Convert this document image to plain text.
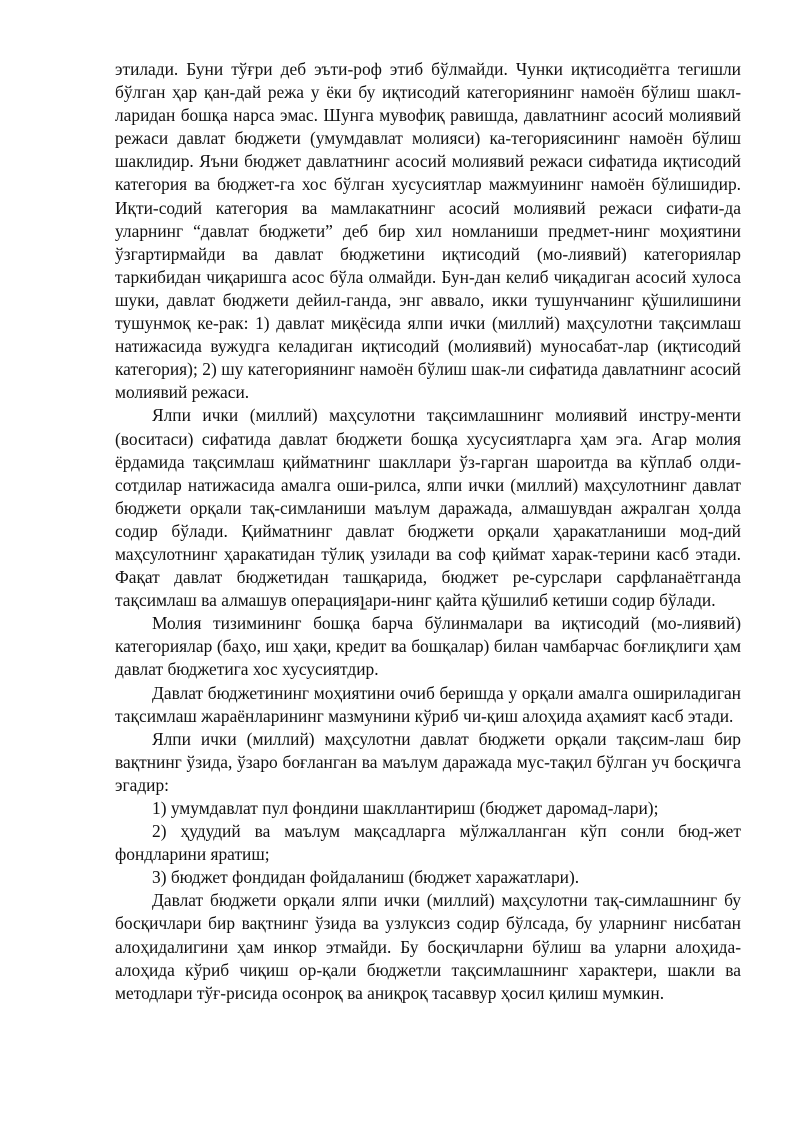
этилади. Буни тўғри деб эъти-роф этиб бўлмайди. Чунки иқтисодиётга тегишли бўлган ҳар қан-дай режа у ёки бу иқтисодий категориянинг намоён бўлиш шакл-ларидан бошқа нарса эмас. Шунга мувофиқ равишда, давлатнинг асосий молиявий режаси давлат бюджети (умумдавлат молияси) ка-тегориясининг намоён бўлиш шаклидир. Яъни бюджет давлатнинг асосий молиявий режаси сифатида иқтисодий категория ва бюджет-га хос бўлган хусусиятлар мажмуининг намоён бўлишидир. Иқти-содий категория ва мамлакатнинг асосий молиявий режаси сифати-да уларнинг “давлат бюджети” деб бир хил номланиши предмет-нинг моҳиятини ўзгартирмайди ва давлат бюджетини иқтисодий (мо-лиявий) категориялар таркибидан чиқаришга асос бўла олмайди. Бун-дан келиб чиқадиган асосий хулоса шуки, давлат бюджети дейил-ганда, энг аввало, икки тушунчанинг қўшилишини тушунмоқ ке-рак: 1) давлат миқёсида ялпи ички (миллий) маҳсулотни тақсимлаш натижасида вужудга келадиган иқтисодий (молиявий) муносабат-лар (иқтисодий категория); 2) шу категориянинг намоён бўлиш шак-ли сифатида давлатнинг асосий молиявий режаси.

Ялпи ички (миллий) маҳсулотни тақсимлашнинг молиявий инстру-менти (воситаси) сифатида давлат бюджети бошқа хусусиятларга ҳам эга. Агар молия ёрдамида тақсимлаш қийматнинг шакллари ўз-гарган шароитда ва кўплаб олди-сотдилар натижасида амалга оши-рилса, ялпи ички (миллий) маҳсулотнинг давлат бюджети орқали тақ-симланиши маълум даражада, алмашувдан ажралган ҳолда содир бўлади. Қийматнинг давлат бюджети орқали ҳаракатланиши мод-дий маҳсулотнинг ҳаракатидан тўлиқ узилади ва соф қиймат харак-терини касб этади. Фақат давлат бюджетидан ташқарида, бюджет ре-сурслари сарфланаётганда тақсимлаш ва алмашув операцияլари-нинг қайта қўшилиб кетиши содир бўлади.

Молия тизимининг бошқа барча бўлинмалари ва иқтисодий (мо-лиявий) категориялар (баҳо, иш ҳақи, кредит ва бошқалар) билан чамбарчас боғлиқлиги ҳам давлат бюджетига хос хусусиятдир.

Давлат бюджетининг моҳиятини очиб беришда у орқали амалга ошириладиган тақсимлаш жараёнларининг мазмунини кўриб чи-қиш алоҳида аҳамият касб этади.

Ялпи ички (миллий) маҳсулотни давлат бюджети орқали тақсим-лаш бир вақтнинг ўзида, ўзаро боғланган ва маълум даражада мус-тақил бўлган уч босқичга эгадир:

1) умумдавлат пул фондини шакллантириш (бюджет даромад-лари);

2) ҳудудий ва маълум мақсадларга мўлжалланган кўп сонли бюд-жет фондларини яратиш;

3) бюджет фондидан фойдаланиш (бюджет харажатлари).

Давлат бюджети орқали ялпи ички (миллий) маҳсулотни тақ-симлашнинг бу босқичлари бир вақтнинг ўзида ва узлуксиз содир бўлсада, бу уларнинг нисбатан алоҳидалигини ҳам инкор этмайди. Бу босқичларни бўлиш ва уларни алоҳида-алоҳида кўриб чиқиш ор-қали бюджетли тақсимлашнинг характери, шакли ва методлари тўғ-рисида осонроқ ва аниқроқ тасаввур ҳосил қилиш мумкин.
